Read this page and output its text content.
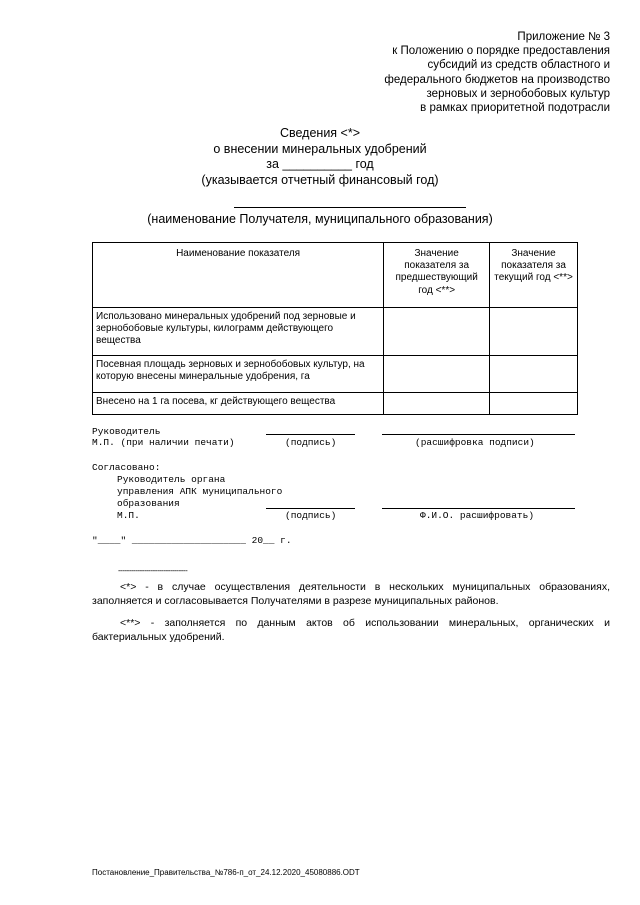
Приложение № 3
к Положению о порядке предоставления
субсидий из средств областного и
федерального бюджетов на производство
зерновых и зернобобовых культур
в рамках приоритетной подотрасли
Сведения <*>
о внесении минеральных удобрений
за __________ год
(указывается отчетный финансовый год)
(наименование Получателя, муниципального образования)
Наименование показателя	Значение показателя за предшествующий год <**>	Значение показателя за текущий год <**>
Использовано минеральных удобрений под зерновые и зернобобовые культуры, килограмм действующего вещества		
Посевная площадь зерновых и зернобобовых культур, на которую внесены минеральные удобрения, га		
Внесено на 1 га посева, кг действующего вещества		
Руководитель
М.П. (при наличии печати)	(подпись)	(расшифровка подписи)
Согласовано:
Руководитель органа
управления АПК муниципального
образования
М.П.	(подпись)	Ф.И.О. расшифровать)
"____" ____________________ 20__ г.
--------------------------------
<*> - в случае осуществления деятельности в нескольких муниципальных образованиях, заполняется и согласовывается Получателями в разрезе муниципальных районов.
<**> - заполняется по данным актов об использовании минеральных, органических и бактериальных удобрений.
Постановление_Правительства_№786-п_от_24.12.2020_45080886.ODT
